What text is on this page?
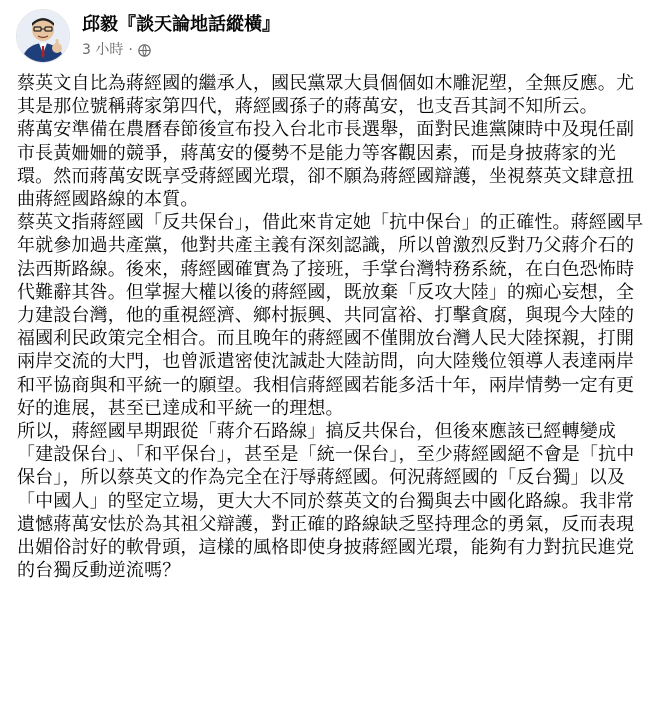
邱毅『談天論地話縱橫』
3 小時 ·

蔡英文自比為蔣經國的繼承人，國民黨眾大員個個如木雕泥塑，全無反應。尤其是那位號稱蔣家第四代，蔣經國孫子的蔣萬安，也支吾其詞不知所云。

蔣萬安準備在農曆春節後宣布投入台北市長選舉，面對民進黨陳時中及現任副市長黃姍姍的競爭，蔣萬安的優勢不是能力等客觀因素，而是身披蔣家的光環。然而蔣萬安既享受蔣經國光環，卻不願為蔣經國辯護，坐視蔡英文肆意扭曲蔣經國路線的本質。

蔡英文指蔣經國「反共保台」，借此來肯定她「抗中保台」的正確性。蔣經國早年就參加過共產黨，他對共產主義有深刻認識，所以曾激烈反對乃父蔣介石的法西斯路線。後來，蔣經國確實為了接班，手掌台灣特務系統，在白色恐怖時代難辭其咎。但掌握大權以後的蔣經國，既放棄「反攻大陸」的痴心妄想，全力建設台灣，他的重視經濟、鄉村振興、共同富裕、打擊貪腐，與現今大陸的福國利民政策完全相合。而且晚年的蔣經國不僅開放台灣人民大陸探親，打開兩岸交流的大門，也曾派遣密使沈誠赴大陸訪問，向大陸幾位領導人表達兩岸和平協商與和平統一的願望。我相信蔣經國若能多活十年，兩岸情勢一定有更好的進展，甚至已達成和平統一的理想。

所以，蔣經國早期跟從「蔣介石路線」搞反共保台，但後來應該已經轉變成「建設保台」、「和平保台」，甚至是「統一保台」，至少蔣經國絕不會是「抗中保台」，所以蔡英文的作為完全在汙辱蔣經國。何況蔣經國的「反台獨」以及「中國人」的堅定立場，更大大不同於蔡英文的台獨與去中國化路線。我非常遺憾蔣萬安怯於為其祖父辯護，對正確的路線缺乏堅持理念的勇氣，反而表現出媚俗討好的軟骨頭，這樣的風格即使身披蔣經國光環，能夠有力對抗民進党的台獨反動逆流嗎？
